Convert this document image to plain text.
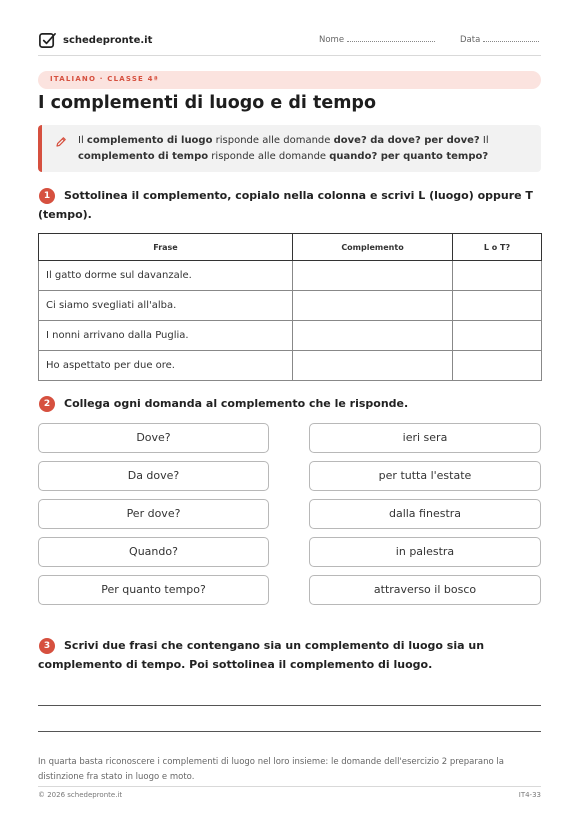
schedepronte.it	Nome	Data
ITALIANO · CLASSE 4ª
I complementi di luogo e di tempo

Il complemento di luogo risponde alle domande dove? da dove? per dove? Il complemento di tempo risponde alle domande quando? per quanto tempo?

1	Sottolinea il complemento, copialo nella colonna e scrivi L (luogo) oppure T (tempo).
Frase	Complemento	L o T?
Il gatto dorme sul davanzale.		
Ci siamo svegliati all'alba.		
I nonni arrivano dalla Puglia.		
Ho aspettato per due ore.		
2	Collega ogni domanda al complemento che le risponde.
Dove?
Da dove?
Per dove?
Quando?
Per quanto tempo?
ieri sera
per tutta l'estate
dalla finestra
in palestra
attraverso il bosco
3	Scrivi due frasi che contengano sia un complemento di luogo sia un complemento di tempo. Poi sottolinea il complemento di luogo.
In quarta basta riconoscere i complementi di luogo nel loro insieme: le domande dell'esercizio 2 preparano la distinzione fra stato in luogo e moto.
© 2026 schedepronte.it	IT4-33
